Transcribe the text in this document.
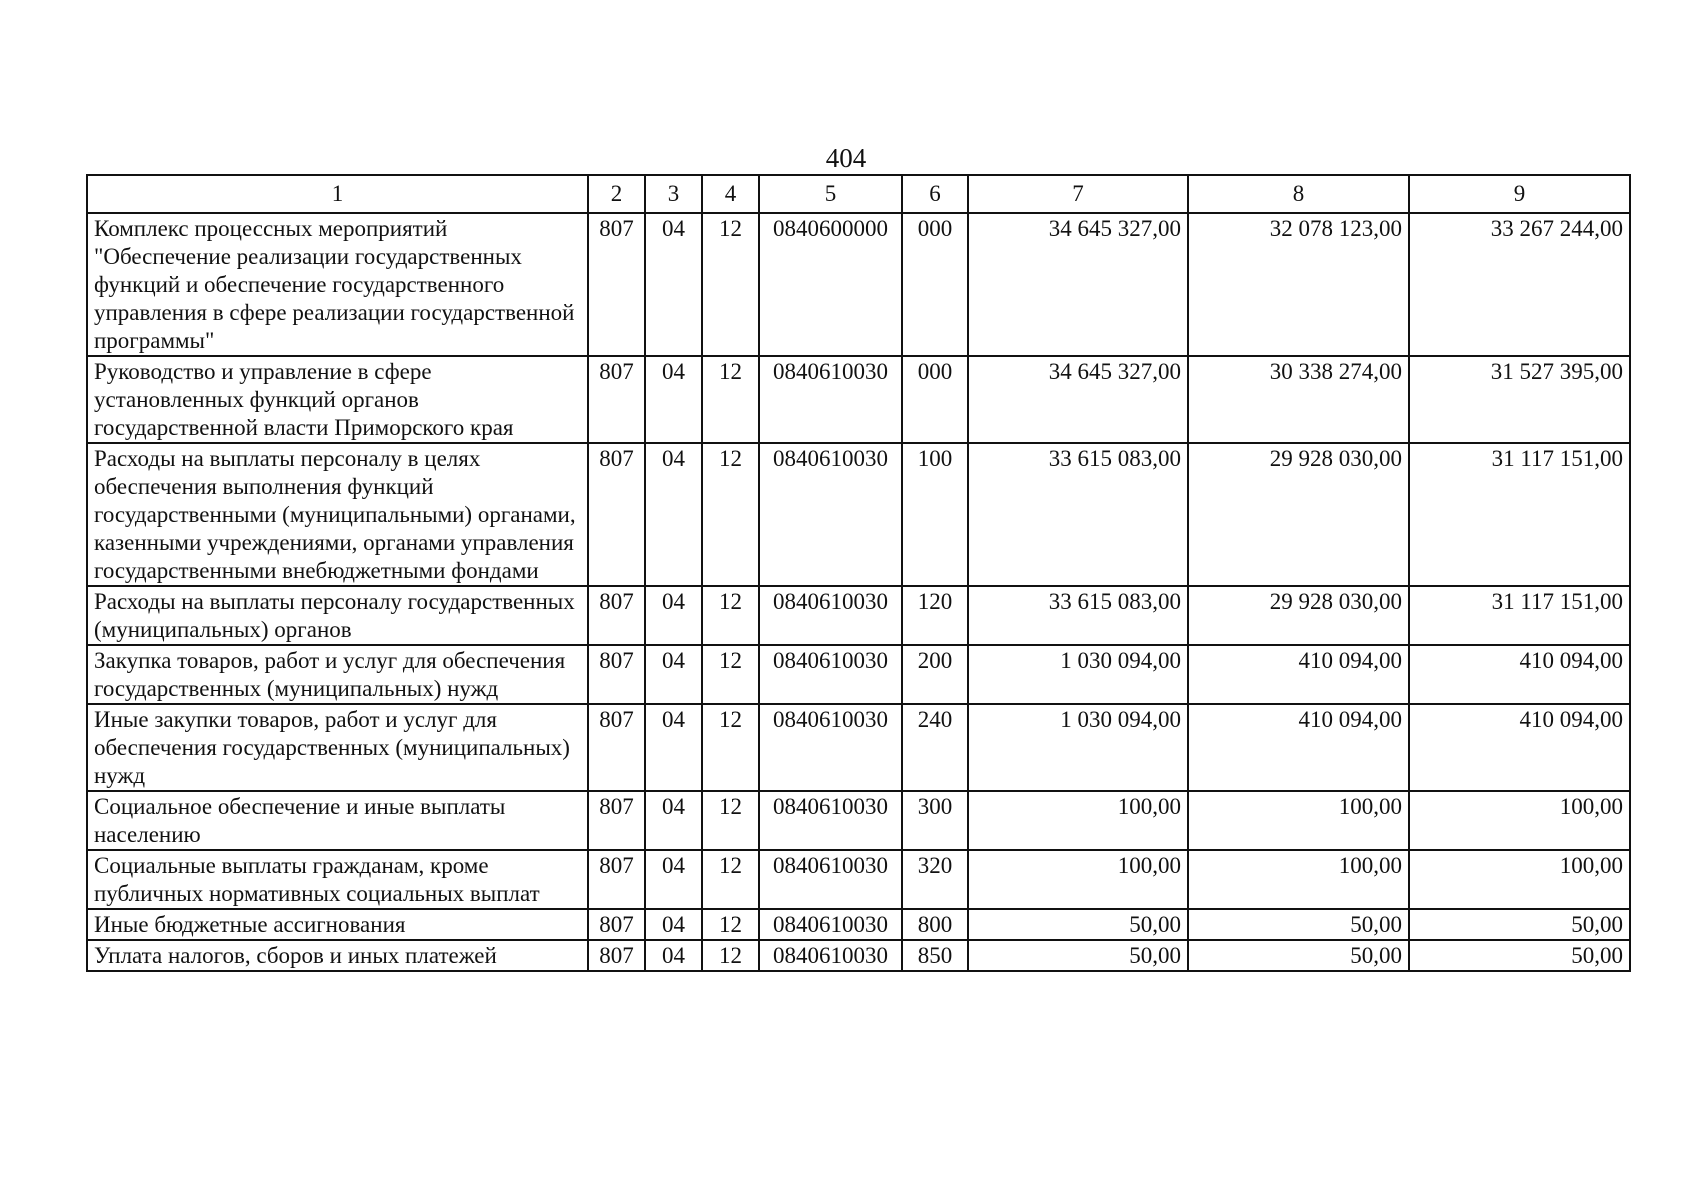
404
1	2	3	4	5	6	7	8	9
Комплекс процессных мероприятий "Обеспечение реализации государственных функций и обеспечение государственного управления в сфере реализации государственной программы"	807	04	12	0840600000	000	34 645 327,00	32 078 123,00	33 267 244,00
Руководство и управление в сфере установленных функций органов государственной власти Приморского края	807	04	12	0840610030	000	34 645 327,00	30 338 274,00	31 527 395,00
Расходы на выплаты персоналу в целях обеспечения выполнения функций государственными (муниципальными) органами, казенными учреждениями, органами управления государственными внебюджетными фондами	807	04	12	0840610030	100	33 615 083,00	29 928 030,00	31 117 151,00
Расходы на выплаты персоналу государственных (муниципальных) органов	807	04	12	0840610030	120	33 615 083,00	29 928 030,00	31 117 151,00
Закупка товаров, работ и услуг для обеспечения государственных (муниципальных) нужд	807	04	12	0840610030	200	1 030 094,00	410 094,00	410 094,00
Иные закупки товаров, работ и услуг для обеспечения государственных (муниципальных) нужд	807	04	12	0840610030	240	1 030 094,00	410 094,00	410 094,00
Социальное обеспечение и иные выплаты населению	807	04	12	0840610030	300	100,00	100,00	100,00
Социальные выплаты гражданам, кроме публичных нормативных социальных выплат	807	04	12	0840610030	320	100,00	100,00	100,00
Иные бюджетные ассигнования	807	04	12	0840610030	800	50,00	50,00	50,00
Уплата налогов, сборов и иных платежей	807	04	12	0840610030	850	50,00	50,00	50,00
